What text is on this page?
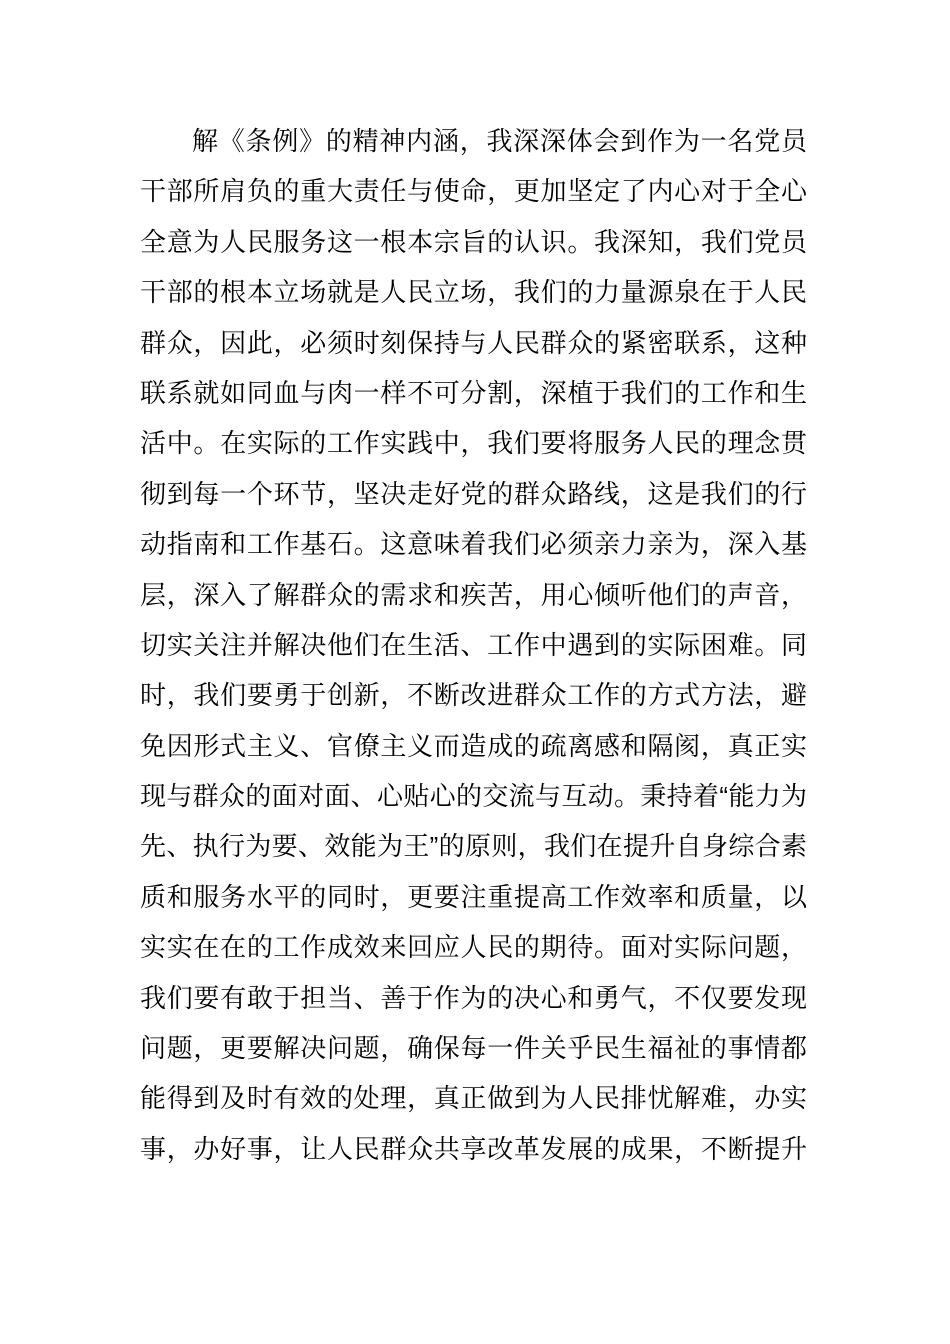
解《条例》的精神内涵，我深深体会到作为一名党员
干部所肩负的重大责任与使命，更加坚定了内心对于全心
全意为人民服务这一根本宗旨的认识。我深知，我们党员
干部的根本立场就是人民立场，我们的力量源泉在于人民
群众，因此，必须时刻保持与人民群众的紧密联系，这种
联系就如同血与肉一样不可分割，深植于我们的工作和生
活中。在实际的工作实践中，我们要将服务人民的理念贯
彻到每一个环节，坚决走好党的群众路线，这是我们的行
动指南和工作基石。这意味着我们必须亲力亲为，深入基
层，深入了解群众的需求和疾苦，用心倾听他们的声音，
切实关注并解决他们在生活、工作中遇到的实际困难。同
时，我们要勇于创新，不断改进群众工作的方式方法，避
免因形式主义、官僚主义而造成的疏离感和隔阂，真正实
现与群众的面对面、心贴心的交流与互动。秉持着“能力为
先、执行为要、效能为王”的原则，我们在提升自身综合素
质和服务水平的同时，更要注重提高工作效率和质量，以
实实在在的工作成效来回应人民的期待。面对实际问题，
我们要有敢于担当、善于作为的决心和勇气，不仅要发现
问题，更要解决问题，确保每一件关乎民生福祉的事情都
能得到及时有效的处理，真正做到为人民排忧解难，办实
事，办好事，让人民群众共享改革发展的成果，不断提升
